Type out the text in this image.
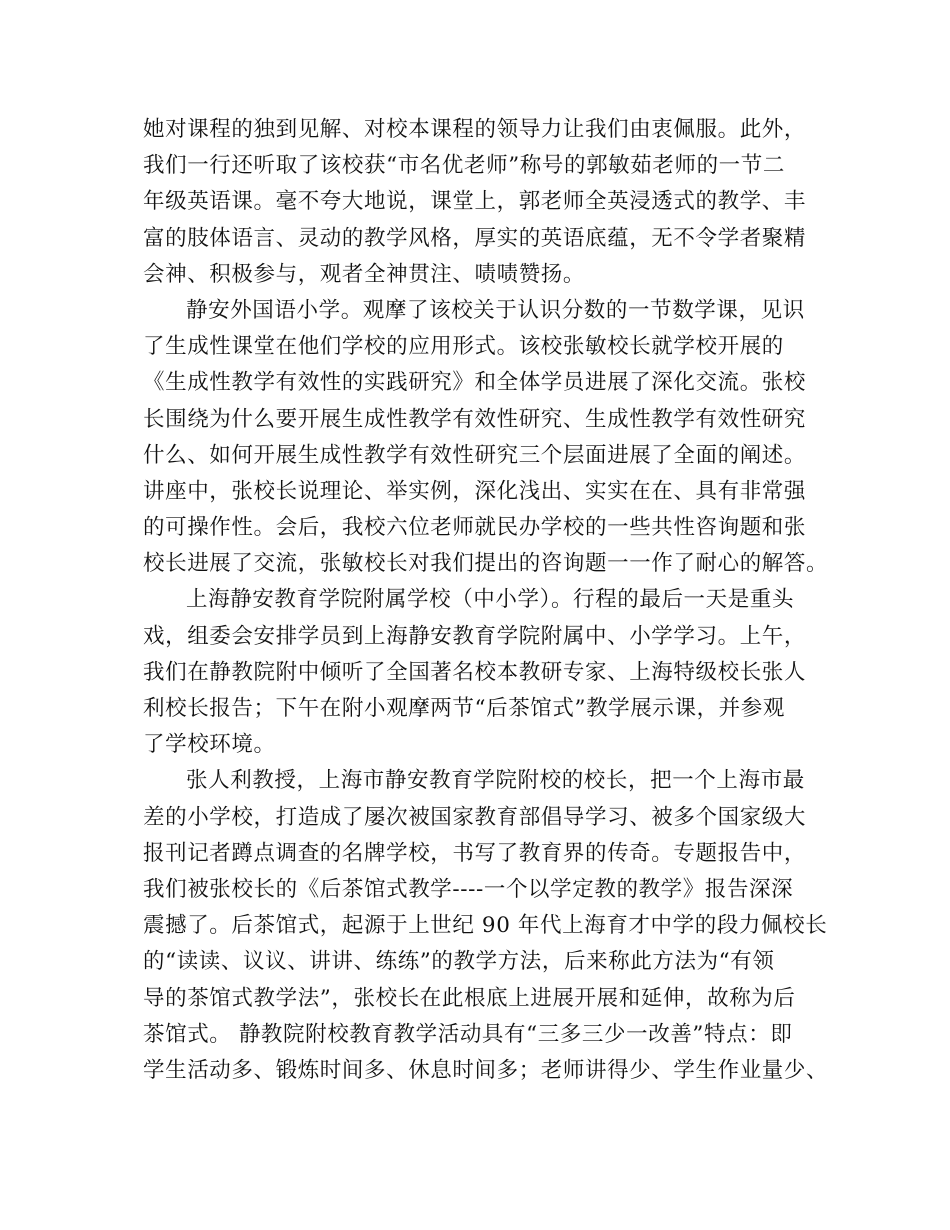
她对课程的独到见解、对校本课程的领导力让我们由衷佩服。此外，
我们一行还听取了该校获“市名优老师”称号的郭敏茹老师的一节二
年级英语课。毫不夸大地说，课堂上，郭老师全英浸透式的教学、丰
富的肢体语言、灵动的教学风格，厚实的英语底蕴，无不令学者聚精
会神、积极参与，观者全神贯注、啧啧赞扬。
静安外国语小学。观摩了该校关于认识分数的一节数学课，见识
了生成性课堂在他们学校的应用形式。该校张敏校长就学校开展的
《生成性教学有效性的实践研究》和全体学员进展了深化交流。张校
长围绕为什么要开展生成性教学有效性研究、生成性教学有效性研究
什么、如何开展生成性教学有效性研究三个层面进展了全面的阐述。
讲座中，张校长说理论、举实例，深化浅出、实实在在、具有非常强
的可操作性。会后，我校六位老师就民办学校的一些共性咨询题和张
校长进展了交流，张敏校长对我们提出的咨询题一一作了耐心的解答。
上海静安教育学院附属学校（中小学）。行程的最后一天是重头
戏，组委会安排学员到上海静安教育学院附属中、小学学习。上午，
我们在静教院附中倾听了全国著名校本教研专家、上海特级校长张人
利校长报告；下午在附小观摩两节“后茶馆式”教学展示课，并参观
了学校环境。
张人利教授，上海市静安教育学院附校的校长，把一个上海市最
差的小学校，打造成了屡次被国家教育部倡导学习、被多个国家级大
报刊记者蹲点调查的名牌学校，书写了教育界的传奇。专题报告中，
我们被张校长的《后茶馆式教学----一个以学定教的教学》报告深深
震撼了。后茶馆式，起源于上世纪 90 年代上海育才中学的段力佩校长
的“读读、议议、讲讲、练练”的教学方法，后来称此方法为“有领
导的茶馆式教学法”，张校长在此根底上进展开展和延伸，故称为后
茶馆式。 静教院附校教育教学活动具有“三多三少一改善”特点：即
学生活动多、锻炼时间多、休息时间多；老师讲得少、学生作业量少、
